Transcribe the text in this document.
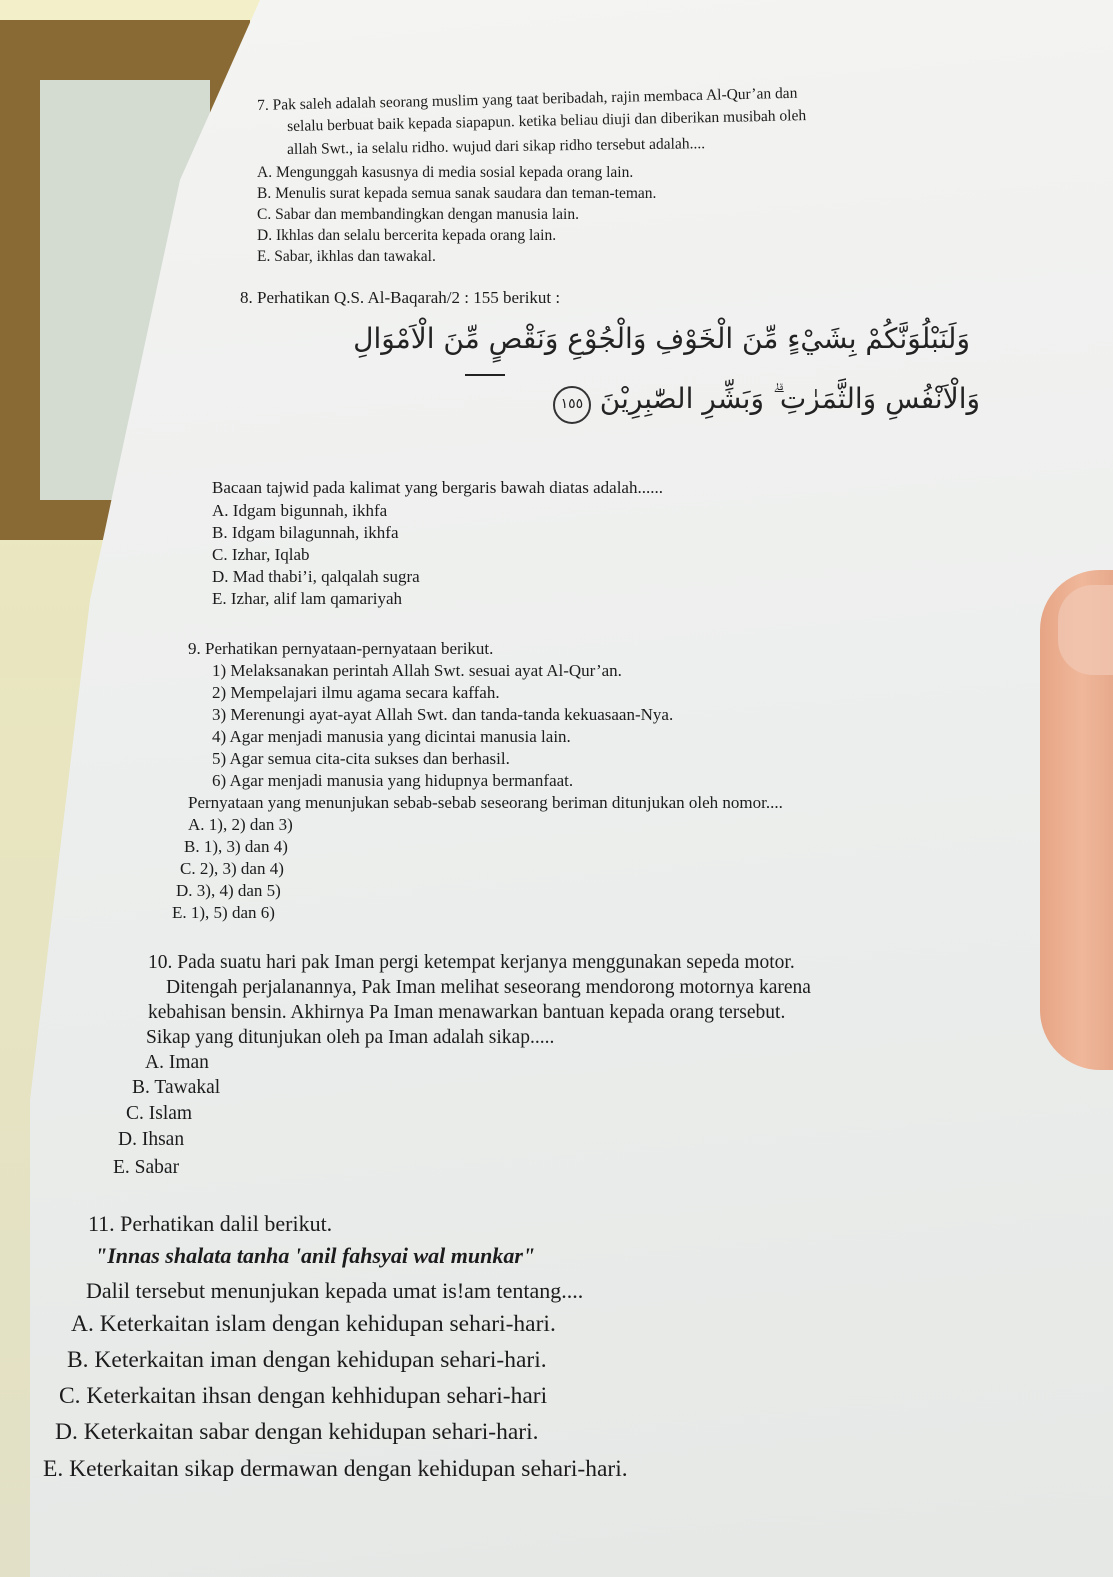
7. Pak saleh adalah seorang muslim yang taat beribadah, rajin membaca Al-Qur’an dan
selalu berbuat baik kepada siapapun. ketika beliau diuji dan diberikan musibah oleh
allah Swt., ia selalu ridho. wujud dari sikap ridho tersebut adalah....
A. Mengunggah kasusnya di media sosial kepada orang lain.
B. Menulis surat kepada semua sanak saudara dan teman-teman.
C. Sabar dan membandingkan dengan manusia lain.
D. Ikhlas dan selalu bercerita kepada orang lain.
E. Sabar, ikhlas dan tawakal.
8. Perhatikan Q.S. Al-Baqarah/2 : 155 berikut :
وَلَنَبْلُوَنَّكُمْ بِشَيْءٍ مِّنَ الْخَوْفِ وَالْجُوْعِ وَنَقْصٍ مِّنَ الْاَمْوَالِ
وَالْاَنْفُسِ وَالثَّمَرٰتِ ۗ وَبَشِّرِ الصّٰبِرِيْنَ ١٥٥
Bacaan tajwid pada kalimat yang bergaris bawah diatas adalah......
A. Idgam bigunnah, ikhfa
B. Idgam bilagunnah, ikhfa
C. Izhar, Iqlab
D. Mad thabi’i, qalqalah sugra
E. Izhar, alif lam qamariyah
9. Perhatikan pernyataan-pernyataan berikut.
1) Melaksanakan perintah Allah Swt. sesuai ayat Al-Qur’an.
2) Mempelajari ilmu agama secara kaffah.
3) Merenungi ayat-ayat Allah Swt. dan tanda-tanda kekuasaan-Nya.
4) Agar menjadi manusia yang dicintai manusia lain.
5) Agar semua cita-cita sukses dan berhasil.
6) Agar menjadi manusia yang hidupnya bermanfaat.
Pernyataan yang menunjukan sebab-sebab seseorang beriman ditunjukan oleh nomor....
A. 1), 2) dan 3)
B. 1), 3) dan 4)
C. 2), 3) dan 4)
D. 3), 4) dan 5)
E. 1), 5) dan 6)
10. Pada suatu hari pak Iman pergi ketempat kerjanya menggunakan sepeda motor.
Ditengah perjalanannya, Pak Iman melihat seseorang mendorong motornya karena
kebahisan bensin. Akhirnya Pa Iman menawarkan bantuan kepada orang tersebut.
Sikap yang ditunjukan oleh pa Iman adalah sikap.....
A. Iman
B. Tawakal
C. Islam
D. Ihsan
E. Sabar
11. Perhatikan dalil berikut.
"Innas shalata tanha 'anil fahsyai wal munkar"
Dalil tersebut menunjukan kepada umat is!am tentang....
A. Keterkaitan islam dengan kehidupan sehari-hari.
B. Keterkaitan iman dengan kehidupan sehari-hari.
C. Keterkaitan ihsan dengan kehhidupan sehari-hari
D. Keterkaitan sabar dengan kehidupan sehari-hari.
E. Keterkaitan sikap dermawan dengan kehidupan sehari-hari.
